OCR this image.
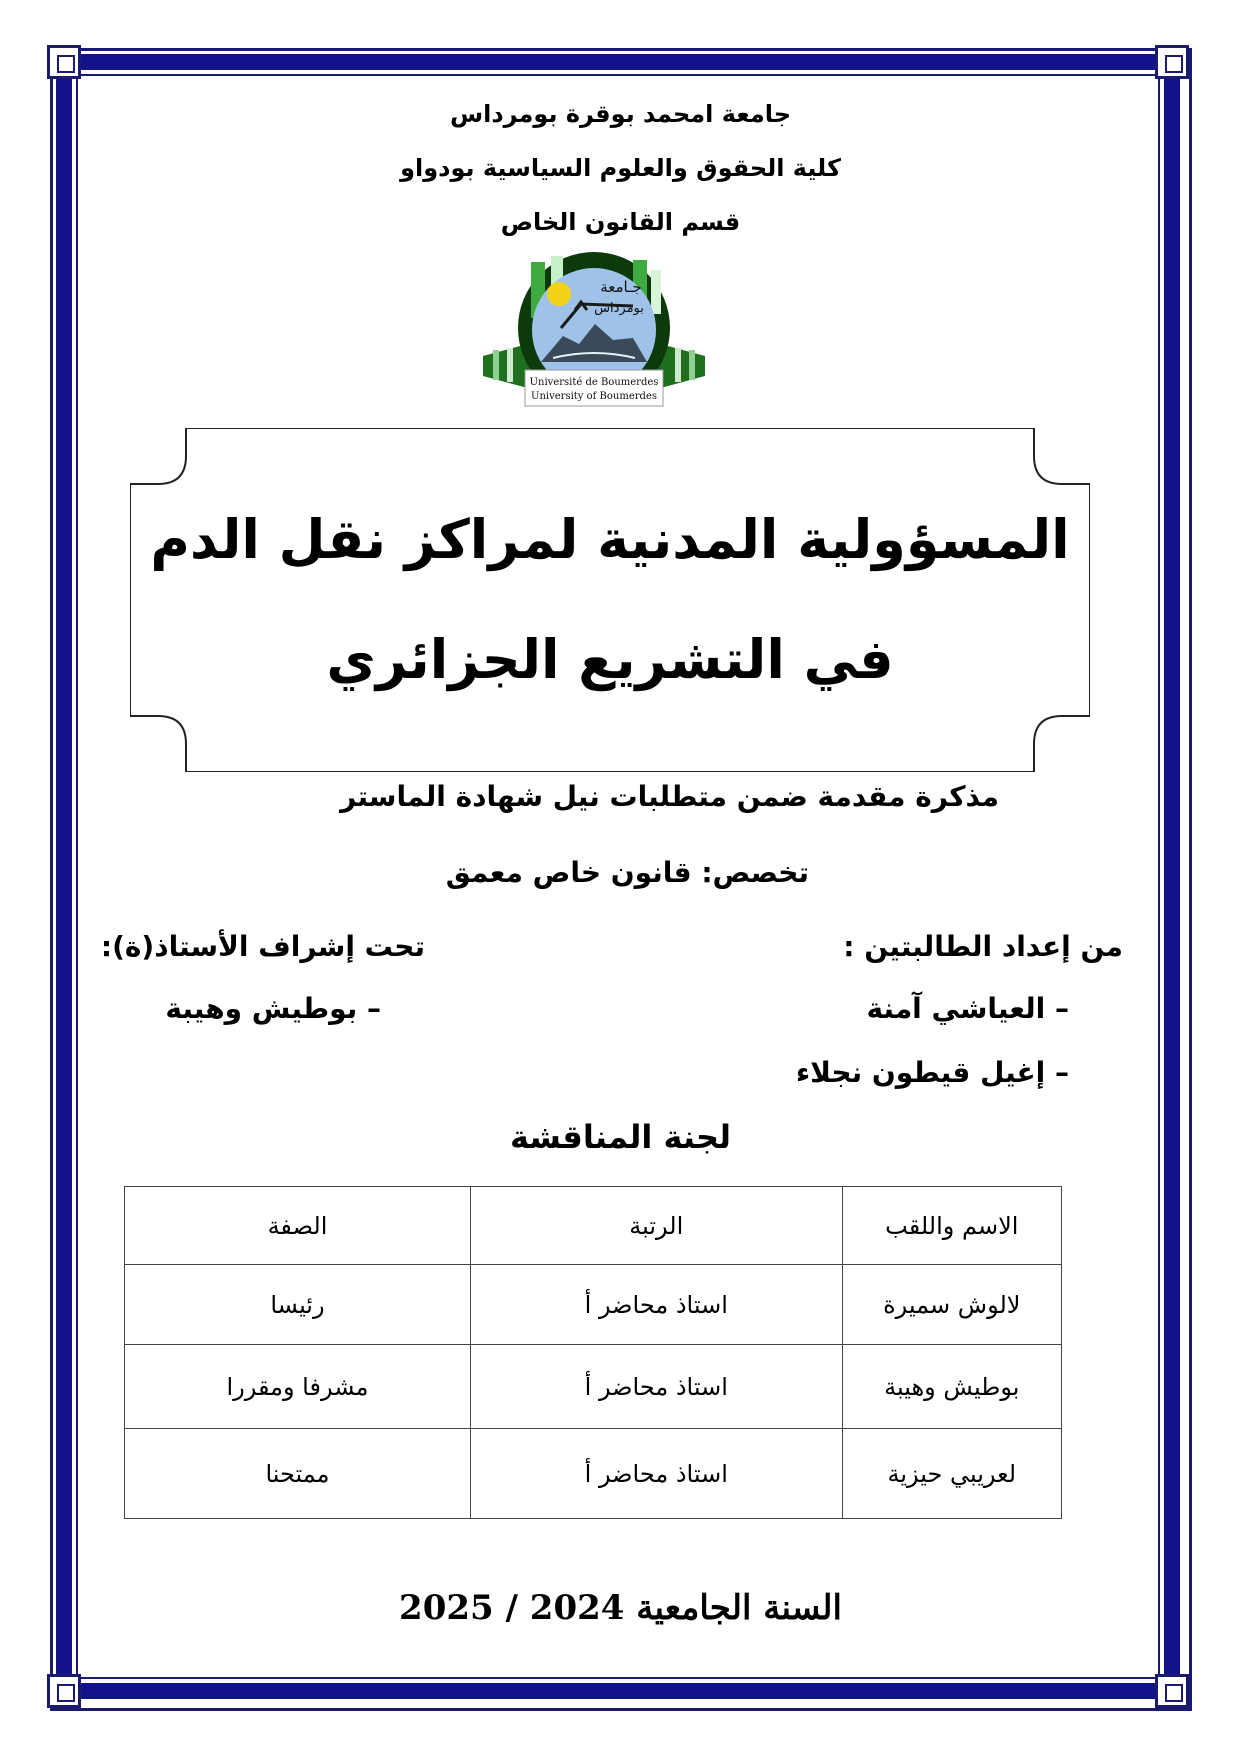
جامعة امحمد بوقرة بومرداس
كلية الحقوق والعلوم السياسية بودواو
قسم القانون الخاص
جـامعة
بومرداس
Université de Boumerdes
University of Boumerdes
المسؤولية المدنية لمراكز نقل الدم
في التشريع الجزائري
مذكرة مقدمة ضمن متطلبات نيل شهادة الماستر
تخصص: قانون خاص معمق
من إعداد الطالبتين :
– العياشي آمنة
– إغيل قيطون نجلاء
تحت إشراف الأستاذ(ة):
– بوطيش وهيبة
لجنة المناقشة
الاسم واللقب	الرتبة	الصفة
لالوش سميرة	استاذ محاضر أ	رئيسا
بوطيش وهيبة	استاذ محاضر أ	مشرفا ومقررا
لعريبي حيزية	استاذ محاضر أ	ممتحنا
السنة الجامعية 2024 / 2025
